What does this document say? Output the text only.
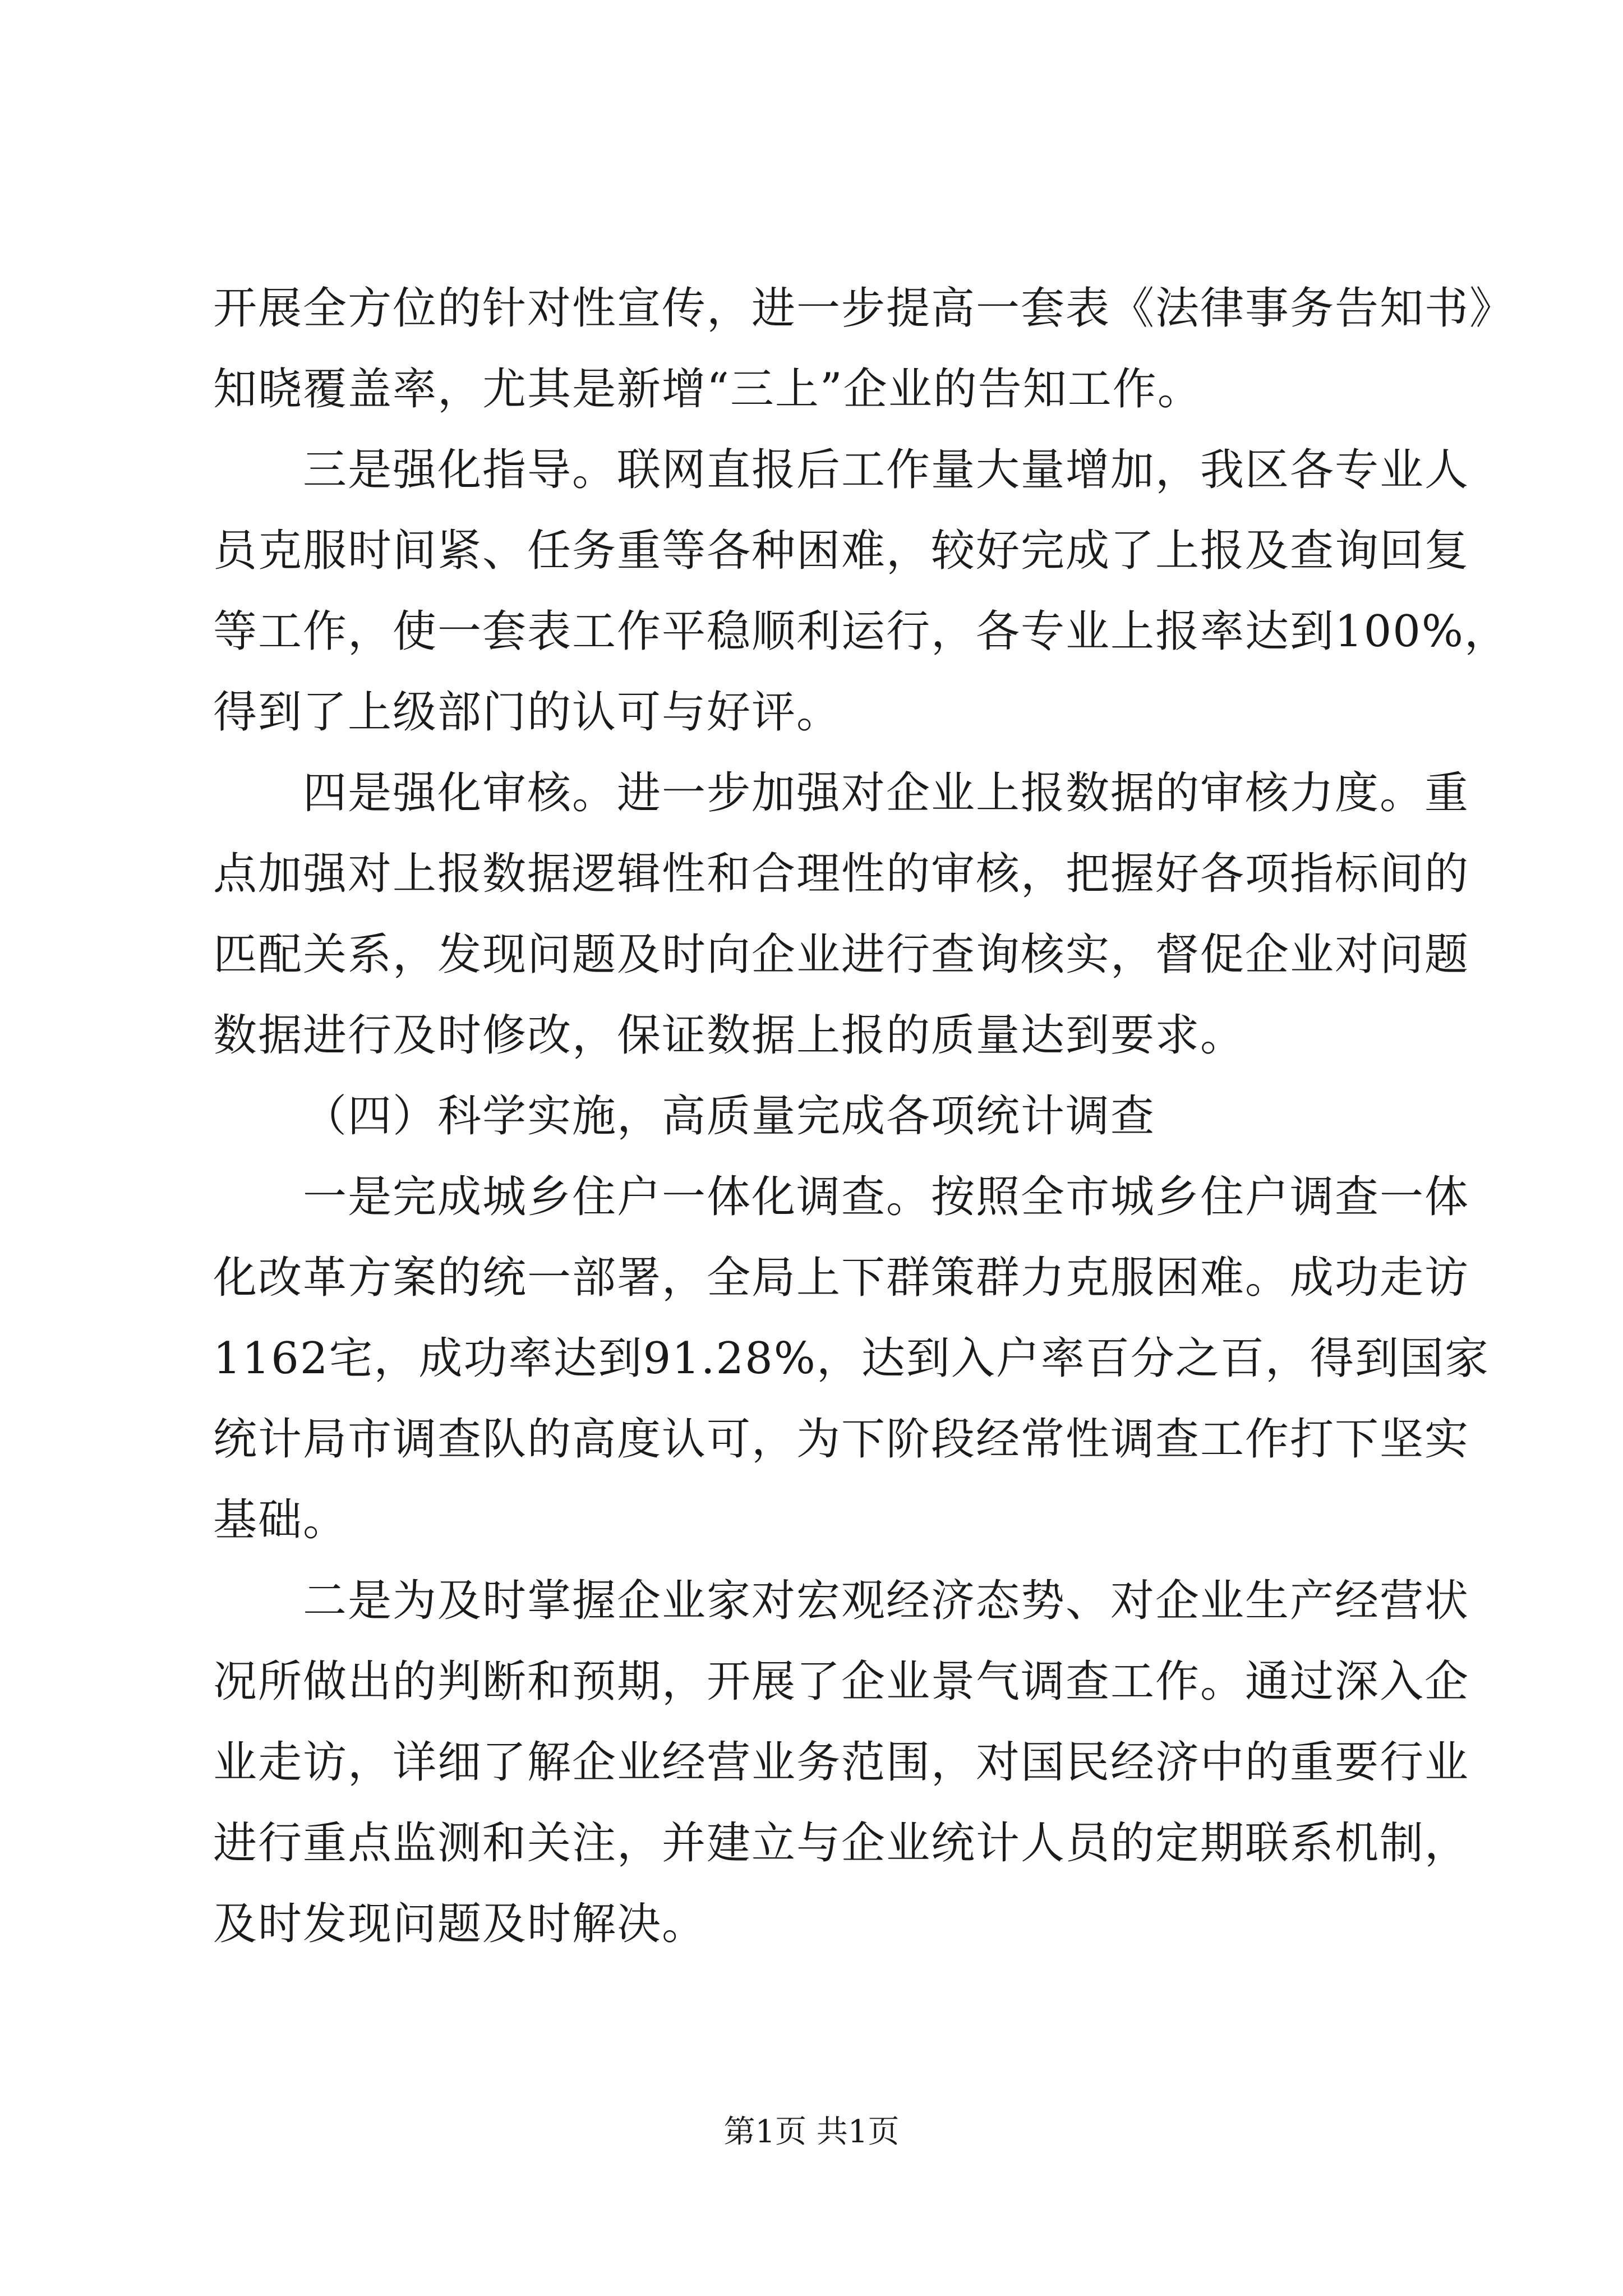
开展全方位的针对性宣传，进一步提高一套表《法律事务告知书》
知晓覆盖率，尤其是新增“三上”企业的告知工作。
三是强化指导。联网直报后工作量大量增加，我区各专业人
员克服时间紧、任务重等各种困难，较好完成了上报及查询回复
等工作，使一套表工作平稳顺利运行，各专业上报率达到100%，
得到了上级部门的认可与好评。
四是强化审核。进一步加强对企业上报数据的审核力度。重
点加强对上报数据逻辑性和合理性的审核，把握好各项指标间的
匹配关系，发现问题及时向企业进行查询核实，督促企业对问题
数据进行及时修改，保证数据上报的质量达到要求。
（四）科学实施，高质量完成各项统计调查
一是完成城乡住户一体化调查。按照全市城乡住户调查一体
化改革方案的统一部署，全局上下群策群力克服困难。成功走访
1162宅，成功率达到91.28%，达到入户率百分之百，得到国家
统计局市调查队的高度认可，为下阶段经常性调查工作打下坚实
基础。
二是为及时掌握企业家对宏观经济态势、对企业生产经营状
况所做出的判断和预期，开展了企业景气调查工作。通过深入企
业走访，详细了解企业经营业务范围，对国民经济中的重要行业
进行重点监测和关注，并建立与企业统计人员的定期联系机制，
及时发现问题及时解决。
第1页 共1页
